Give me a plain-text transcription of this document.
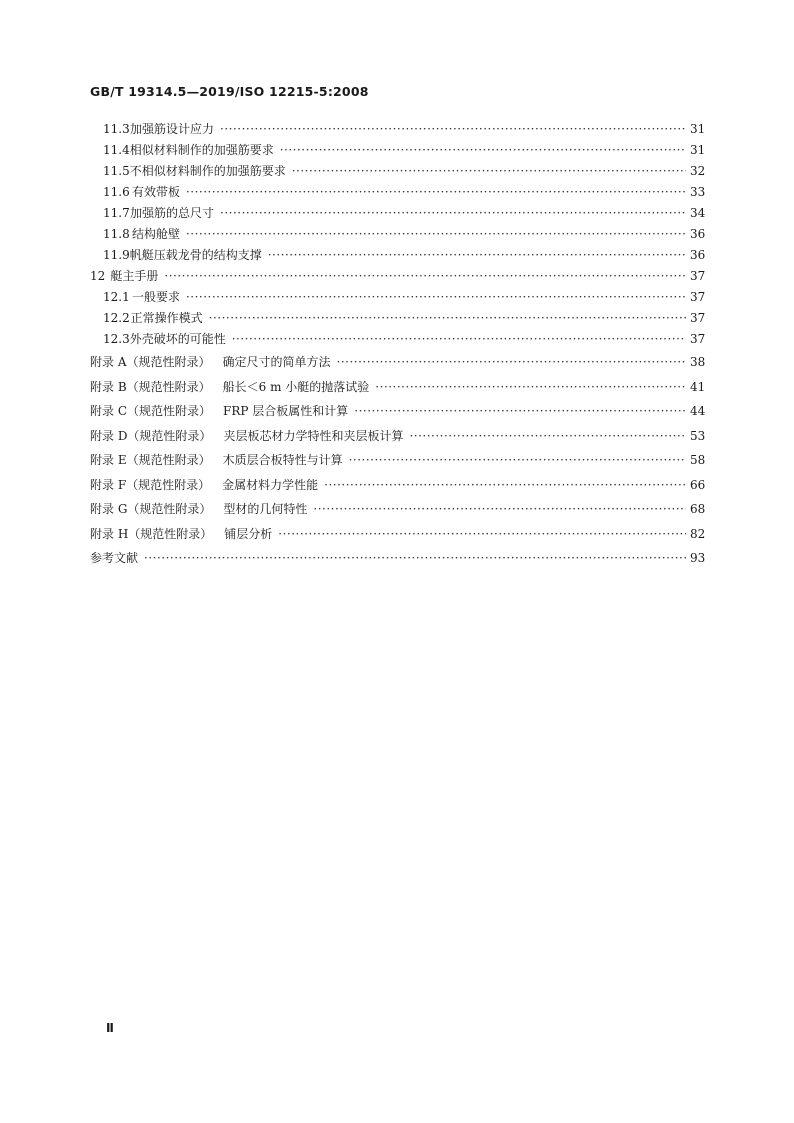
GB/T 19314.5—2019/ISO 12215-5:2008
11.3 加强筋设计应力 ·····	31
11.4 相似材料制作的加强筋要求 ·····	31
11.5 不相似材料制作的加强筋要求 ·····	32
11.6 有效带板 ·····	33
11.7 加强筋的总尺寸 ·····	34
11.8 结构舱壁 ·····	36
11.9 帆艇压载龙骨的结构支撑 ·····	36
12 艇主手册 ·····	37
12.1 一般要求 ·····	37
12.2 正常操作模式 ·····	37
12.3 外壳破坏的可能性 ·····	37
附录 A（规范性附录） 确定尺寸的简单方法 ·····	38
附录 B（规范性附录） 船长＜6 m 小艇的抛落试验 ·····	41
附录 C（规范性附录） FRP 层合板属性和计算 ·····	44
附录 D（规范性附录） 夹层板芯材力学特性和夹层板计算 ·····	53
附录 E（规范性附录） 木质层合板特性与计算 ·····	58
附录 F（规范性附录） 金属材料力学性能 ·····	66
附录 G（规范性附录） 型材的几何特性 ·····	68
附录 H（规范性附录） 铺层分析 ·····	82
参考文献 ·····	93
Ⅱ
